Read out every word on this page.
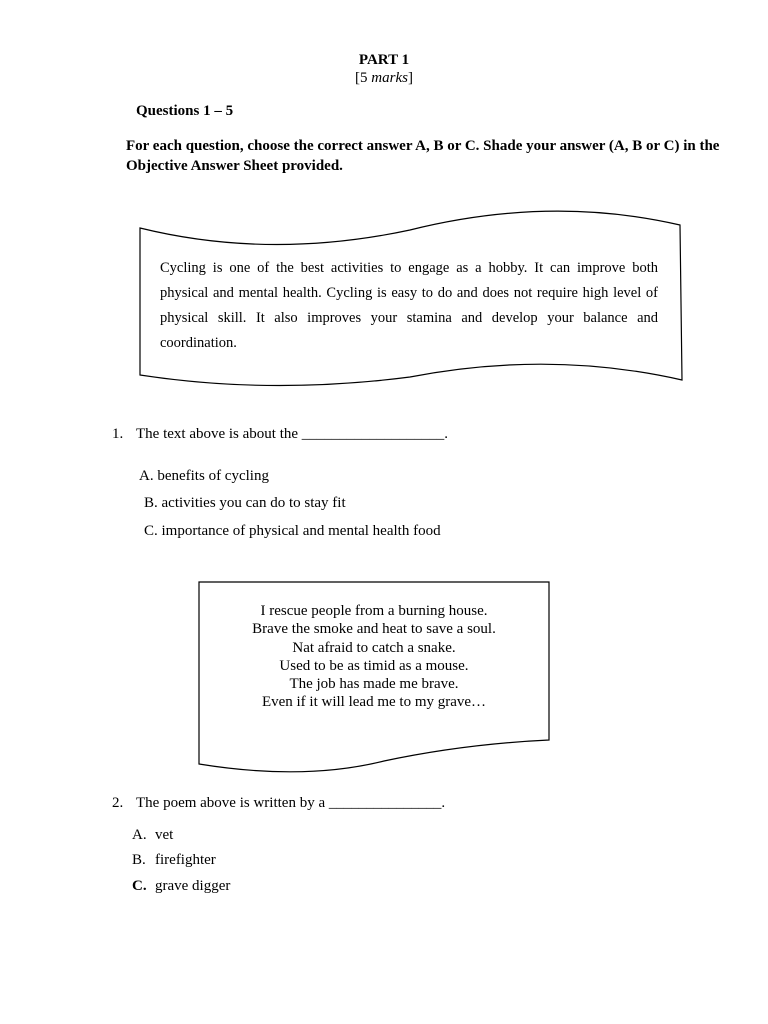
PART 1
[5 marks]
Questions 1 – 5
For each question, choose the correct answer A, B or C. Shade your answer (A, B or C) in the Objective Answer Sheet provided.
Cycling is one of the best activities to engage as a hobby. It can improve both physical and mental health. Cycling is easy to do and does not require high level of physical skill. It also improves your stamina and develop your balance and coordination.
1. The text above is about the ___________________.
A. benefits of cycling
B. activities you can do to stay fit
C. importance of physical and mental health food
I rescue people from a burning house.
Brave the smoke and heat to save a soul.
Nat afraid to catch a snake.
Used to be as timid as a mouse.
The job has made me brave.
Even if it will lead me to my grave…
2. The poem above is written by a _______________.
A. vet
B. firefighter
C. grave digger
